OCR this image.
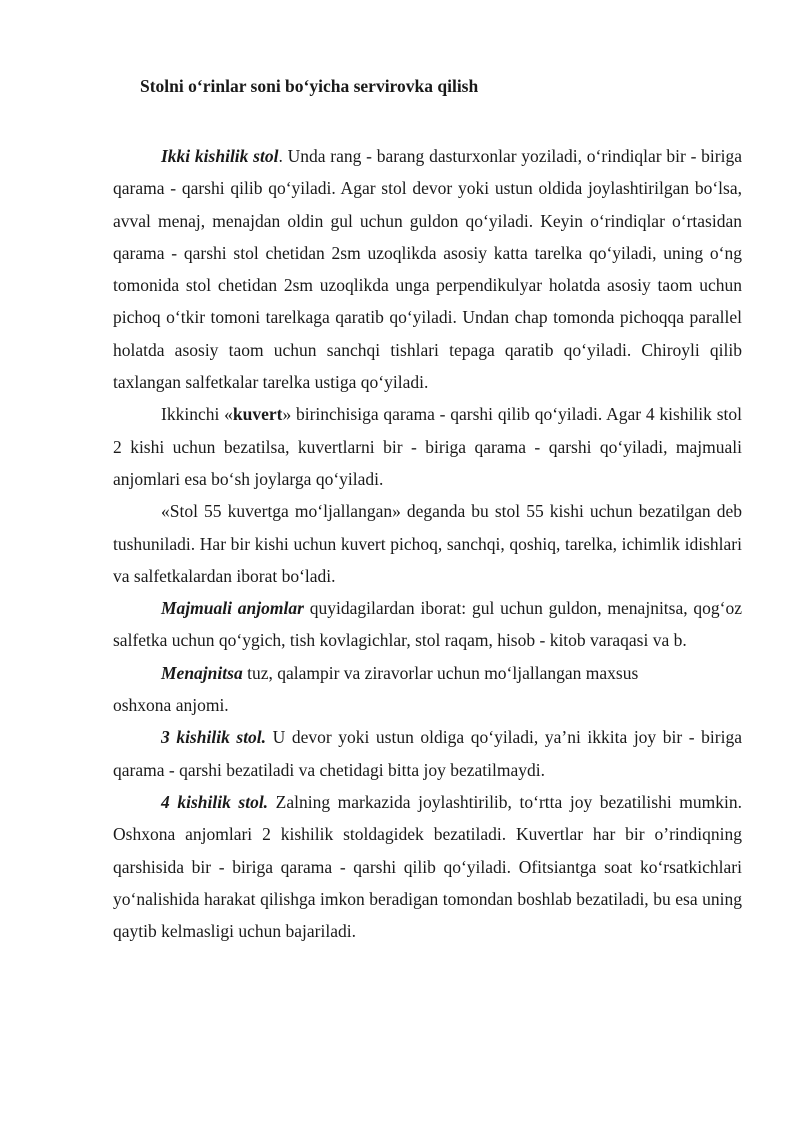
Stolni o‘rinlar soni bo‘yicha servirovka qilish

Ikki kishilik stol. Unda rang - barang dasturxonlar yoziladi, o‘rindiqlar bir - biriga qarama - qarshi qilib qo‘yiladi. Agar stol devor yoki ustun oldida joylashtirilgan bo‘lsa, avval menaj, menajdan oldin gul uchun guldon qo‘yiladi. Keyin o‘rindiqlar o‘rtasidan qarama - qarshi stol chetidan 2sm uzoqlikda asosiy katta tarelka qo‘yiladi, uning o‘ng tomonida stol chetidan 2sm uzoqlikda unga perpendikulyar holatda asosiy taom uchun pichoq o‘tkir tomoni tarelkaga qaratib qo‘yiladi. Undan chap tomonda pichoqqa parallel holatda asosiy taom uchun sanchqi tishlari tepaga qaratib qo‘yiladi. Chiroyli qilib taxlangan salfetkalar tarelka ustiga qo‘yiladi.

Ikkinchi «kuvert» birinchisiga qarama - qarshi qilib qo‘yiladi. Agar 4 kishilik stol 2 kishi uchun bezatilsa, kuvertlarni bir - biriga qarama - qarshi qo‘yiladi, majmuali anjomlari esa bo‘sh joylarga qo‘yiladi.

«Stol 55 kuvertga mo‘ljallangan» deganda bu stol 55 kishi uchun bezatilgan deb tushuniladi. Har bir kishi uchun kuvert pichoq, sanchqi, qoshiq, tarelka, ichimlik idishlari va salfetkalardan iborat bo‘ladi.

Majmuali anjomlar quyidagilardan iborat: gul uchun guldon, menajnitsa, qog‘oz salfetka uchun qo‘ygich, tish kovlagichlar, stol raqam, hisob - kitob varaqasi va b.

Menajnitsa tuz, qalampir va ziravorlar uchun mo‘ljallangan maxsus
oshxona anjomi.

3 kishilik stol. U devor yoki ustun oldiga qo‘yiladi, ya’ni ikkita joy bir - biriga qarama - qarshi bezatiladi va chetidagi bitta joy bezatilmaydi.

4 kishilik stol. Zalning markazida joylashtirilib, to‘rtta joy bezatilishi mumkin. Oshxona anjomlari 2 kishilik stoldagidek bezatiladi. Kuvertlar har bir o’rindiqning qarshisida bir - biriga qarama - qarshi qilib qo‘yiladi. Ofitsiantga soat ko‘rsatkichlari yo‘nalishida harakat qilishga imkon beradigan tomondan boshlab bezatiladi, bu esa uning qaytib kelmasligi uchun bajariladi.
